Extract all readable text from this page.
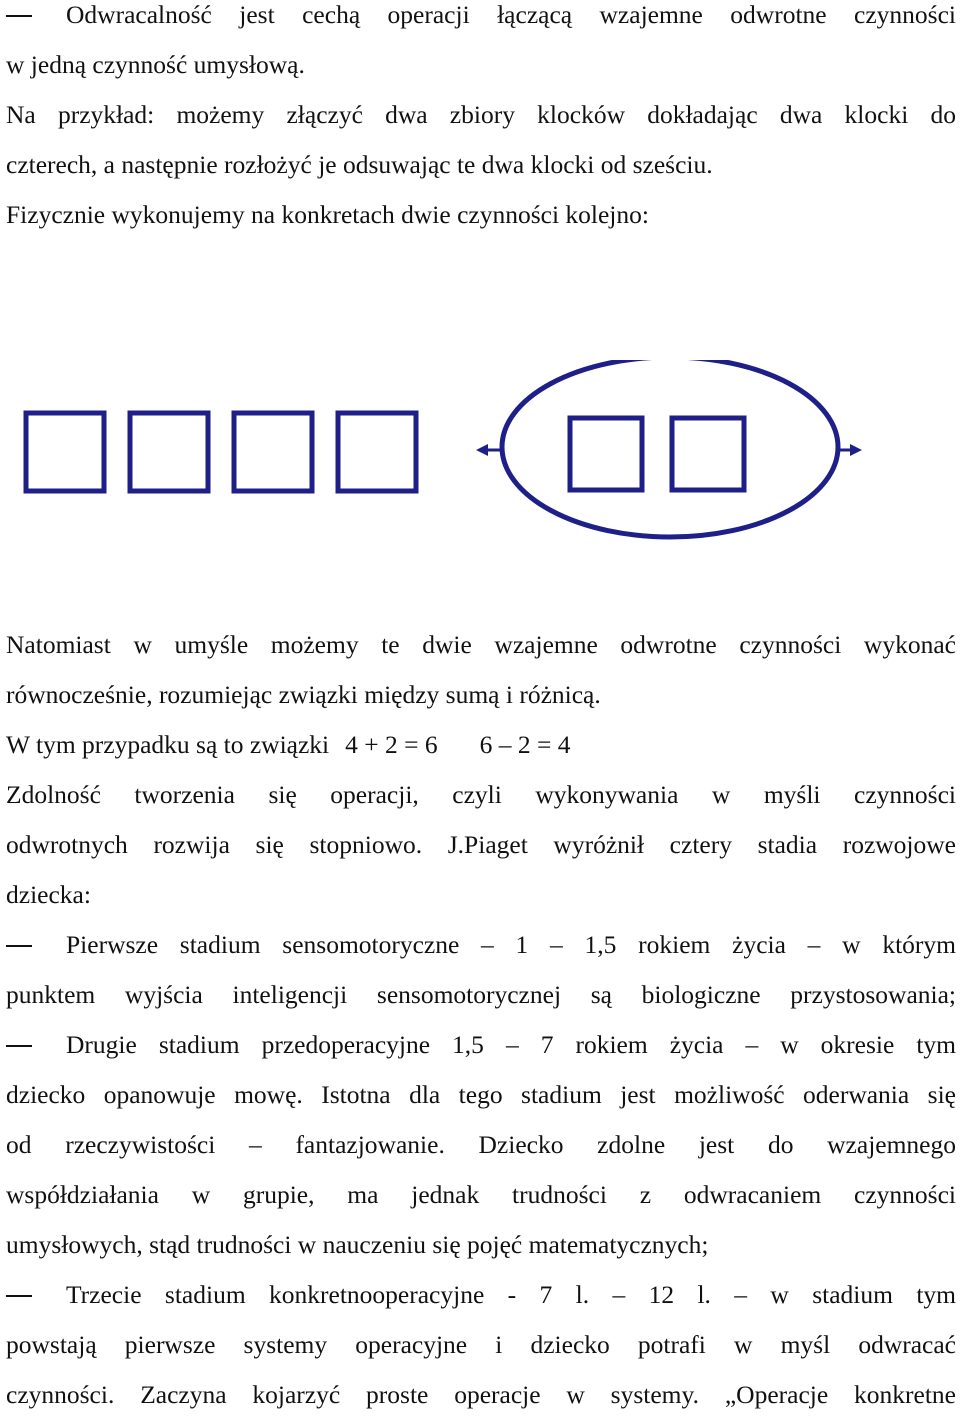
Odwracalność jest cechą operacji łączącą wzajemne odwrotne czynności
w jedną czynność umysłową.
Na przykład: możemy złączyć dwa zbiory klocków dokładając dwa klocki do
czterech, a następnie rozłożyć je odsuwając te dwa klocki od sześciu.
Fizycznie wykonujemy na konkretach dwie czynności kolejno:
Natomiast w umyśle możemy te dwie wzajemne odwrotne czynności wykonać
równocześnie, rozumiejąc związki między sumą i różnicą.
W tym przypadku są to związki 4 + 2 = 6 6 – 2 = 4
Zdolność tworzenia się operacji, czyli wykonywania w myśli czynności
odwrotnych rozwija się stopniowo. J.Piaget wyróżnił cztery stadia rozwojowe
dziecka:
Pierwsze stadium sensomotoryczne – 1 – 1,5 rokiem życia – w którym
punktem wyjścia inteligencji sensomotorycznej są biologiczne przystosowania;
Drugie stadium przedoperacyjne 1,5 – 7 rokiem życia – w okresie tym
dziecko opanowuje mowę. Istotna dla tego stadium jest możliwość oderwania się
od rzeczywistości – fantazjowanie. Dziecko zdolne jest do wzajemnego
współdziałania w grupie, ma jednak trudności z odwracaniem czynności
umysłowych, stąd trudności w nauczeniu się pojęć matematycznych;
Trzecie stadium konkretnooperacyjne - 7 l. – 12 l. – w stadium tym
powstają pierwsze systemy operacyjne i dziecko potrafi w myśl odwracać
czynności. Zaczyna kojarzyć proste operacje w systemy. „Operacje konkretne
